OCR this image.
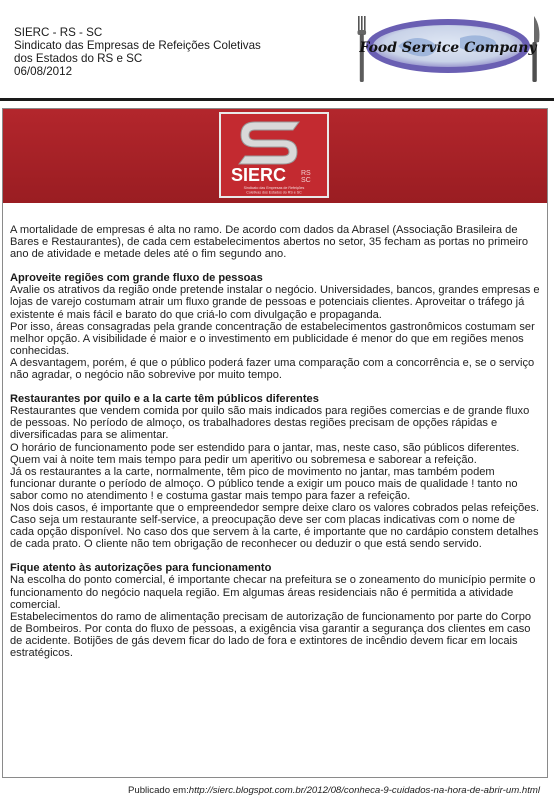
SIERC - RS - SC
Sindicato das Empresas de Refeições Coletivas
dos Estados do RS e SC
06/08/2012
Food Service Company
SIERC RS
SC
Sindicato das Empresas de Refeições
Coletivas dos Estados do RS e SC

A mortalidade de empresas é alta no ramo. De acordo com dados da Abrasel (Associação Brasileira de Bares e Restaurantes), de cada cem estabelecimentos abertos no setor, 35 fecham as portas no primeiro ano de atividade e metade deles até o fim segundo ano.

Aproveite regiões com grande fluxo de pessoas

Avalie os atrativos da região onde pretende instalar o negócio. Universidades, bancos, grandes empresas e lojas de varejo costumam atrair um fluxo grande de pessoas e potenciais clientes. Aproveitar o tráfego já existente é mais fácil e barato do que criá-lo com divulgação e propaganda.

Por isso, áreas consagradas pela grande concentração de estabelecimentos gastronômicos costumam ser melhor opção. A visibilidade é maior e o investimento em publicidade é menor do que em regiões menos conhecidas.

A desvantagem, porém, é que o público poderá fazer uma comparação com a concorrência e, se o serviço não agradar, o negócio não sobrevive por muito tempo.

Restaurantes por quilo e a la carte têm públicos diferentes

Restaurantes que vendem comida por quilo são mais indicados para regiões comercias e de grande fluxo de pessoas. No período de almoço, os trabalhadores destas regiões precisam de opções rápidas e diversificadas para se alimentar.

O horário de funcionamento pode ser estendido para o jantar, mas, neste caso, são públicos diferentes. Quem vai à noite tem mais tempo para pedir um aperitivo ou sobremesa e saborear a refeição.

Já os restaurantes a la carte, normalmente, têm pico de movimento no jantar, mas também podem funcionar durante o período de almoço. O público tende a exigir um pouco mais de qualidade ! tanto no sabor como no atendimento ! e costuma gastar mais tempo para fazer a refeição.

Nos dois casos, é importante que o empreendedor sempre deixe claro os valores cobrados pelas refeições. Caso seja um restaurante self-service, a preocupação deve ser com placas indicativas com o nome de cada opção disponível. No caso dos que servem à la carte, é importante que no cardápio constem detalhes de cada prato. O cliente não tem obrigação de reconhecer ou deduzir o que está sendo servido.

Fique atento às autorizações para funcionamento

Na escolha do ponto comercial, é importante checar na prefeitura se o zoneamento do município permite o funcionamento do negócio naquela região. Em algumas áreas residenciais não é permitida a atividade comercial.

Estabelecimentos do ramo de alimentação precisam de autorização de funcionamento por parte do Corpo de Bombeiros. Por conta do fluxo de pessoas, a exigência visa garantir a segurança dos clientes em caso de acidente. Botijões de gás devem ficar do lado de fora e extintores de incêndio devem ficar em locais estratégicos.

Publicado em:http://sierc.blogspot.com.br/2012/08/conheca-9-cuidados-na-hora-de-abrir-um.html
